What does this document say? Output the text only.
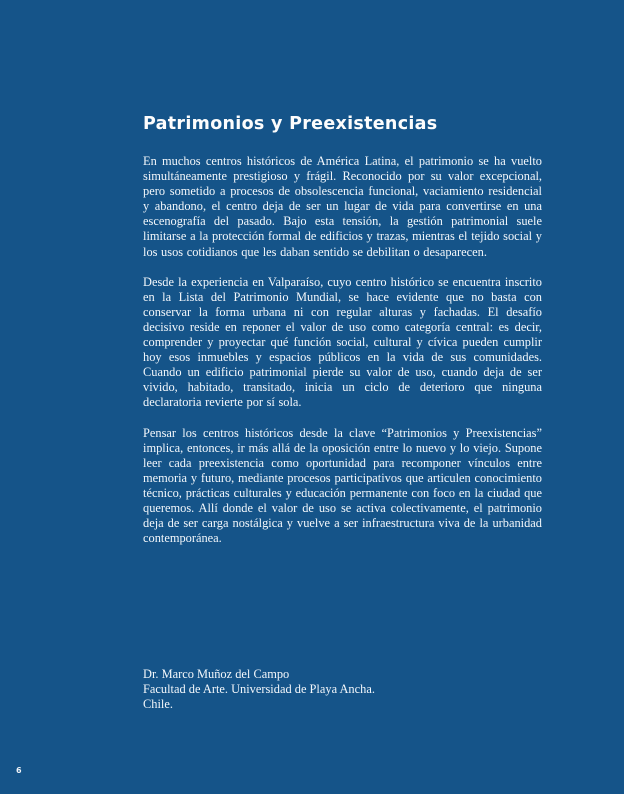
Patrimonios y Preexistencias

En muchos centros históricos de América Latina, el patrimonio se ha vuelto simultáneamente prestigioso y frágil. Reconocido por su valor excepcional, pero sometido a procesos de obsolescencia funcional, vaciamiento residencial y abandono, el centro deja de ser un lugar de vida para convertirse en una escenografía del pasado. Bajo esta tensión, la gestión patrimonial suele limitarse a la protección formal de edificios y trazas, mientras el tejido social y los usos cotidianos que les daban sentido se debilitan o desaparecen.

Desde la experiencia en Valparaíso, cuyo centro histórico se encuentra inscrito en la Lista del Patrimonio Mundial, se hace evidente que no basta con conservar la forma urbana ni con regular alturas y fachadas. El desafío decisivo reside en reponer el valor de uso como categoría central: es decir, comprender y proyectar qué función social, cultural y cívica pueden cumplir hoy esos inmuebles y espacios públicos en la vida de sus comunidades. Cuando un edificio patrimonial pierde su valor de uso, cuando deja de ser vivido, habitado, transitado, inicia un ciclo de deterioro que ninguna declaratoria revierte por sí sola.

Pensar los centros históricos desde la clave “Patrimonios y Preexistencias” implica, entonces, ir más allá de la oposición entre lo nuevo y lo viejo. Supone leer cada preexistencia como oportunidad para recomponer vínculos entre memoria y futuro, mediante procesos participativos que articulen conocimiento técnico, prácticas culturales y educación permanente con foco en la ciudad que queremos. Allí donde el valor de uso se activa colectivamente, el patrimonio deja de ser carga nostálgica y vuelve a ser infraestructura viva de la urbanidad contemporánea.

Dr. Marco Muñoz del Campo
Facultad de Arte. Universidad de Playa Ancha.
Chile.
6
